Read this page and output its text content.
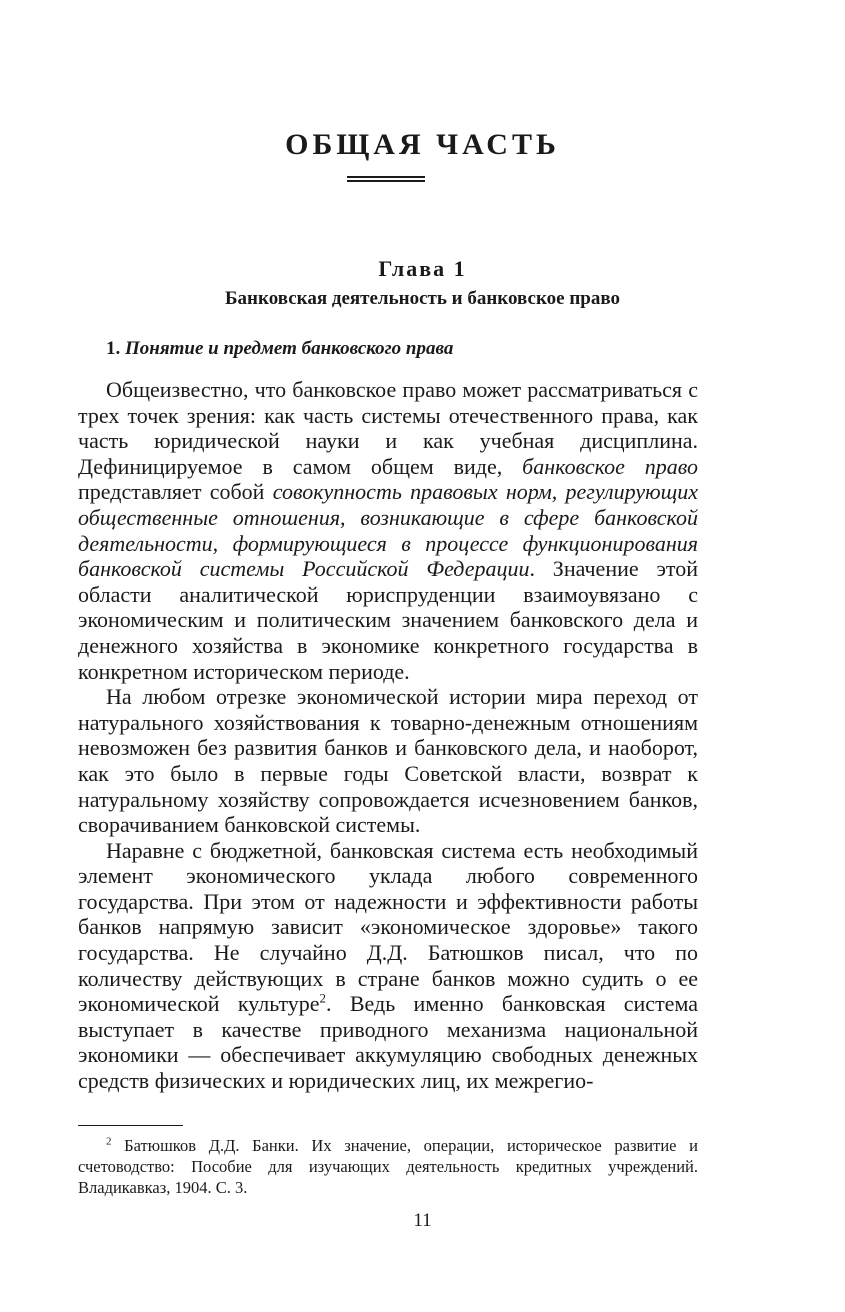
ОБЩАЯ ЧАСТЬ
Глава 1
Банковская деятельность и банковское право
1. Понятие и предмет банковского права

Общеизвестно, что банковское право может рассматриваться с трех точек зрения: как часть системы отечественного права, как часть юридической науки и как учебная дисциплина. Дефиницируемое в самом общем виде, банковское право представляет собой совокупность правовых норм, регулирующих общественные отношения, возникающие в сфере банковской деятельности, формирующиеся в процессе функционирования банковской системы Российской Федерации. Значение этой области аналитической юриспруденции взаимоувязано с экономическим и политическим значением банковского дела и денежного хозяйства в экономике конкретного государства в конкретном историческом периоде.

На любом отрезке экономической истории мира переход от натурального хозяйствования к товарно-денежным отношениям невозможен без развития банков и банковского дела, и наоборот, как это было в первые годы Советской власти, возврат к натуральному хозяйству сопровождается исчезновением банков, сворачиванием банковской системы.

Наравне с бюджетной, банковская система есть необходимый элемент экономического уклада любого современного государства. При этом от надежности и эффективности работы банков напрямую зависит «экономическое здоровье» такого государства. Не случайно Д.Д. Батюшков писал, что по количеству действующих в стране банков можно судить о ее экономической культуре$^2$. Ведь именно банковская система выступает в качестве приводного механизма национальной экономики — обеспечивает аккумуляцию свободных денежных средств физических и юридических лиц, их межрегио-

$^2$ Батюшков Д.Д. Банки. Их значение, операции, историческое развитие и счетоводство: Пособие для изучающих деятельность кредитных учреждений. Владикавказ, 1904. С. 3.

11
